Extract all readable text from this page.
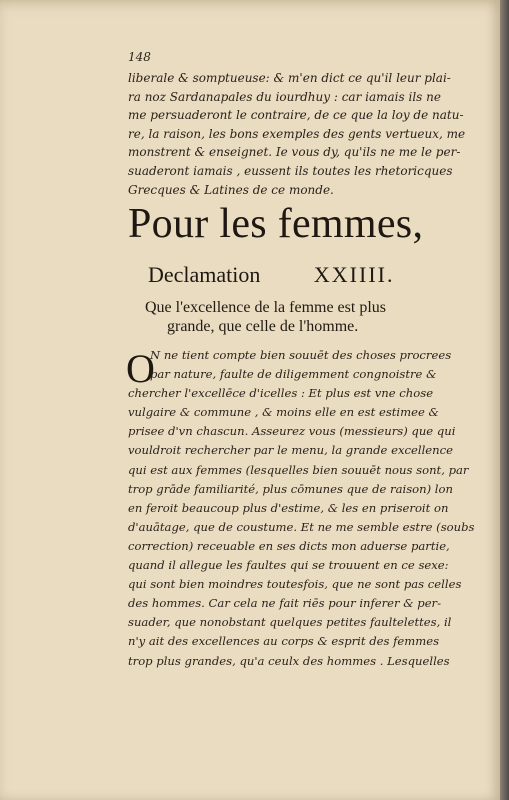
148
liberale & somptueuse: & m'en dict ce qu'il leur plai-
ra noz Sardanapales du iourdhuy : car iamais ils ne
me persuaderont le contraire, de ce que la loy de natu-
re, la raison, les bons exemples des gents vertueux, me
monstrent & enseignet. Ie vous dy, qu'ils ne me le per-
suaderont iamais , eussent ils toutes les rhetoricques
Grecques & Latines de ce monde.
Pour les femmes,
Declamation XXIIII.
Que l'excellence de la femme est plus
grande, que celle de l'homme.
O
N ne tient compte bien souuēt des choses procrees
par nature, faulte de diligemment congnoistre &
chercher l'excellēce d'icelles : Et plus est vne chose
vulgaire & commune , & moins elle en est estimee &
prisee d'vn chascun. Asseurez vous (messieurs) que qui
vouldroit rechercher par le menu, la grande excellence
qui est aux femmes (lesquelles bien souuēt nous sont, par
trop grāde familiarité, plus cōmunes que de raison) lon
en feroit beaucoup plus d'estime, & les en priseroit on
d'auātage, que de coustume. Et ne me semble estre (soubs
correction) receuable en ses dicts mon aduerse partie,
quand il allegue les faultes qui se trouuent en ce sexe:
qui sont bien moindres toutesfois, que ne sont pas celles
des hommes. Car cela ne fait riēs pour inferer & per-
suader, que nonobstant quelques petites faultelettes, il
n'y ait des excellences au corps & esprit des femmes
trop plus grandes, qu'a ceulx des hommes . Lesquelles
